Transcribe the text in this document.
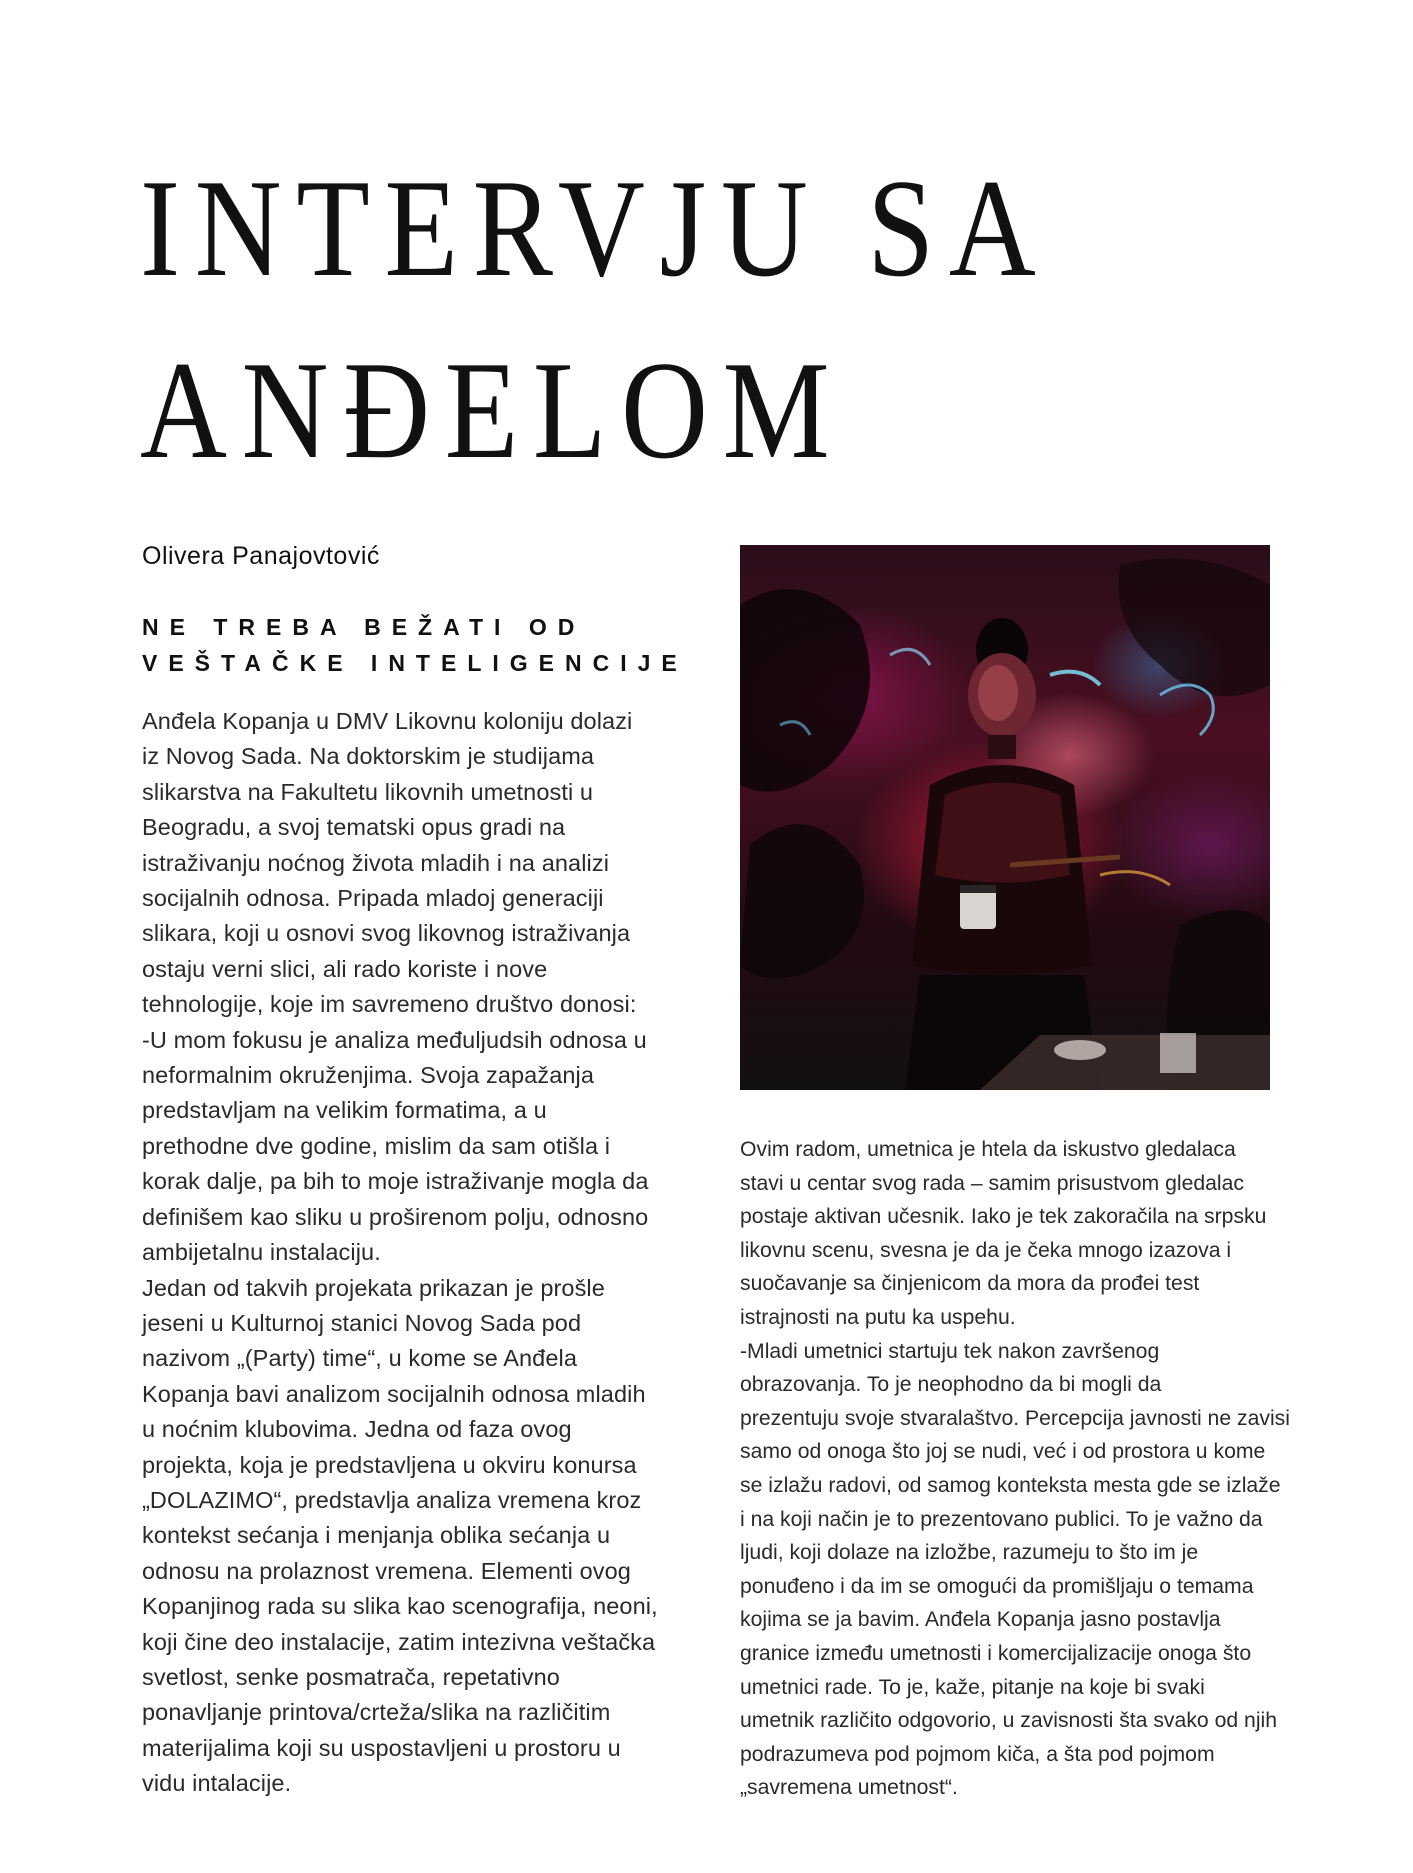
INTERVJU SA
ANĐELOM

Olivera Panajovtović

NE TREBA BEŽATI OD
VEŠTAČKE INTELIGENCIJE

Anđela Kopanja u DMV Likovnu koloniju dolazi
iz Novog Sada. Na doktorskim je studijama
slikarstva na Fakultetu likovnih umetnosti u
Beogradu, a svoj tematski opus gradi na
istraživanju noćnog života mladih i na analizi
socijalnih odnosa. Pripada mladoj generaciji
slikara, koji u osnovi svog likovnog istraživanja
ostaju verni slici, ali rado koriste i nove
tehnologije, koje im savremeno društvo donosi:
-U mom fokusu je analiza međuljudsih odnosa u
neformalnim okruženjima. Svoja zapažanja
predstavljam na velikim formatima, a u
prethodne dve godine, mislim da sam otišla i
korak dalje, pa bih to moje istraživanje mogla da
definišem kao sliku u proširenom polju, odnosno
ambijetalnu instalaciju.
Jedan od takvih projekata prikazan je prošle
jeseni u Kulturnoj stanici Novog Sada pod
nazivom „(Party) time“, u kome se Anđela
Kopanja bavi analizom socijalnih odnosa mladih
u noćnim klubovima. Jedna od faza ovog
projekta, koja je predstavljena u okviru konursa
„DOLAZIMO“, predstavlja analiza vremena kroz
kontekst sećanja i menjanja oblika sećanja u
odnosu na prolaznost vremena. Elementi ovog
Kopanjinog rada su slika kao scenografija, neoni,
koji čine deo instalacije, zatim intezivna veštačka
svetlost, senke posmatrača, repetativno
ponavljanje printova/crteža/slika na različitim
materijalima koji su uspostavljeni u prostoru u
vidu intalacije.

Ovim radom, umetnica je htela da iskustvo gledalaca
stavi u centar svog rada – samim prisustvom gledalac
postaje aktivan učesnik. Iako je tek zakoračila na srpsku
likovnu scenu, svesna je da je čeka mnogo izazova i
suočavanje sa činjenicom da mora da prođei test
istrajnosti na putu ka uspehu.
-Mladi umetnici startuju tek nakon završenog
obrazovanja. To je neophodno da bi mogli da
prezentuju svoje stvaralaštvo. Percepcija javnosti ne zavisi
samo od onoga što joj se nudi, već i od prostora u kome
se izlažu radovi, od samog konteksta mesta gde se izlaže
i na koji način je to prezentovano publici. To je važno da
ljudi, koji dolaze na izložbe, razumeju to što im je
ponuđeno i da im se omogući da promišljaju o temama
kojima se ja bavim. Anđela Kopanja jasno postavlja
granice između umetnosti i komercijalizacije onoga što
umetnici rade. To je, kaže, pitanje na koje bi svaki
umetnik različito odgovorio, u zavisnosti šta svako od njih
podrazumeva pod pojmom kiča, a šta pod pojmom
„savremena umetnost“.
